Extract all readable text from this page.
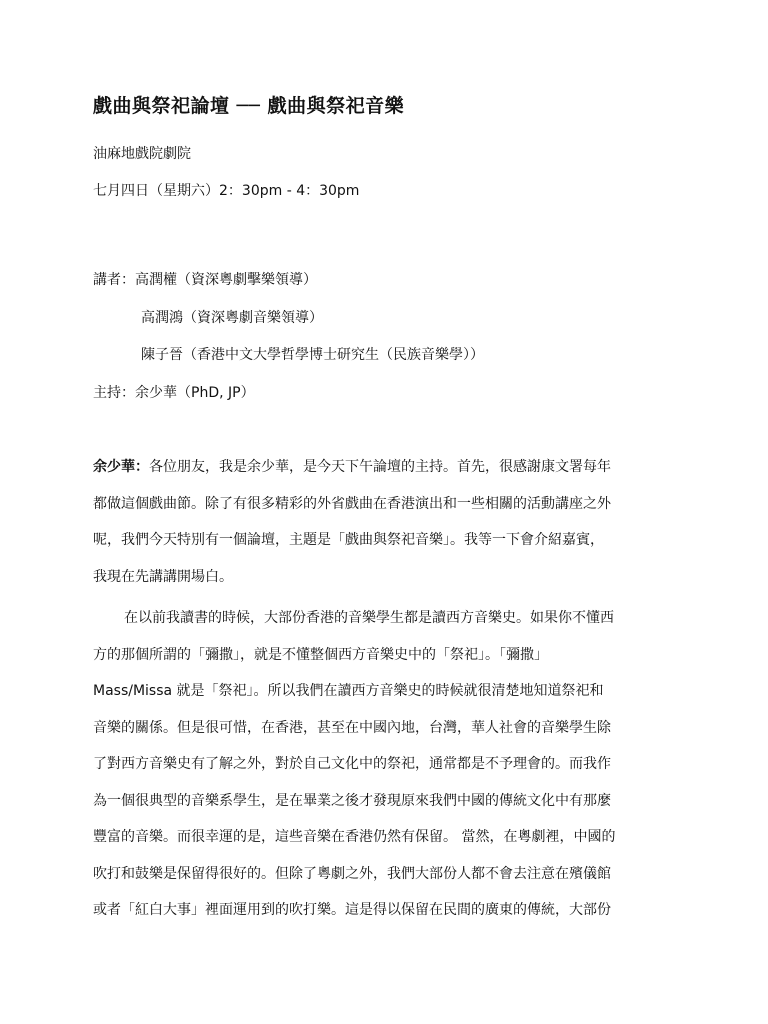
戲曲與祭祀論壇 ── 戲曲與祭祀音樂
油麻地戲院劇院
七月四日（星期六）2：30pm - 4：30pm
講者：高潤權（資深粵劇擊樂領導）
高潤鴻（資深粵劇音樂領導）
陳子晉（香港中文大學哲學博士研究生（民族音樂學））
主持：余少華（PhD, JP）
余少華：各位朋友，我是余少華，是今天下午論壇的主持。首先，很感謝康文署每年
都做這個戲曲節。除了有很多精彩的外省戲曲在香港演出和一些相關的活動講座之外
呢，我們今天特別有一個論壇，主題是「戲曲與祭祀音樂」。我等一下會介紹嘉賓，
我現在先講講開場白。
在以前我讀書的時候，大部份香港的音樂學生都是讀西方音樂史。如果你不懂西
方的那個所謂的「彌撒」，就是不懂整個西方音樂史中的「祭祀」。「彌撒」
Mass/Missa 就是「祭祀」。所以我們在讀西方音樂史的時候就很清楚地知道祭祀和
音樂的關係。但是很可惜，在香港，甚至在中國內地，台灣，華人社會的音樂學生除
了對西方音樂史有了解之外，對於自己文化中的祭祀，通常都是不予理會的。而我作
為一個很典型的音樂系學生，是在畢業之後才發現原來我們中國的傳統文化中有那麼
豐富的音樂。而很幸運的是，這些音樂在香港仍然有保留。 當然，在粵劇裡，中國的
吹打和鼓樂是保留得很好的。但除了粵劇之外，我們大部份人都不會去注意在殯儀館
或者「紅白大事」裡面運用到的吹打樂。這是得以保留在民間的廣東的傳統，大部份
